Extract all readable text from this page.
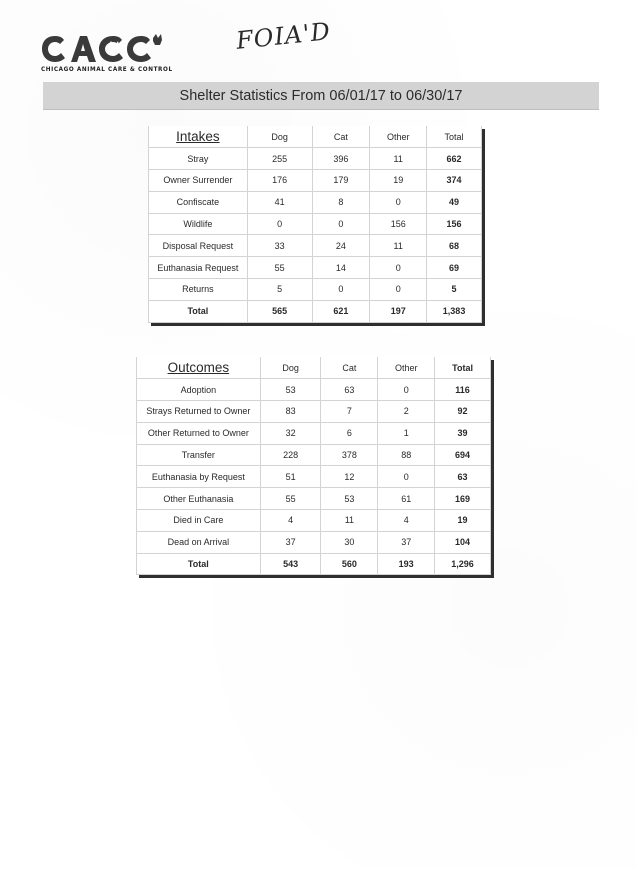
CHICAGO ANIMAL CARE & CONTROL
FOIA'D
Shelter Statistics From 06/01/17 to 06/30/17
Intakes	Dog	Cat	Other	Total
Stray	255	396	11	662
Owner Surrender	176	179	19	374
Confiscate	41	8	0	49
Wildlife	0	0	156	156
Disposal Request	33	24	11	68
Euthanasia Request	55	14	0	69
Returns	5	0	0	5
Total	565	621	197	1,383
Outcomes	Dog	Cat	Other	Total
Adoption	53	63	0	116
Strays Returned to Owner	83	7	2	92
Other Returned to Owner	32	6	1	39
Transfer	228	378	88	694
Euthanasia by Request	51	12	0	63
Other Euthanasia	55	53	61	169
Died in Care	4	11	4	19
Dead on Arrival	37	30	37	104
Total	543	560	193	1,296
